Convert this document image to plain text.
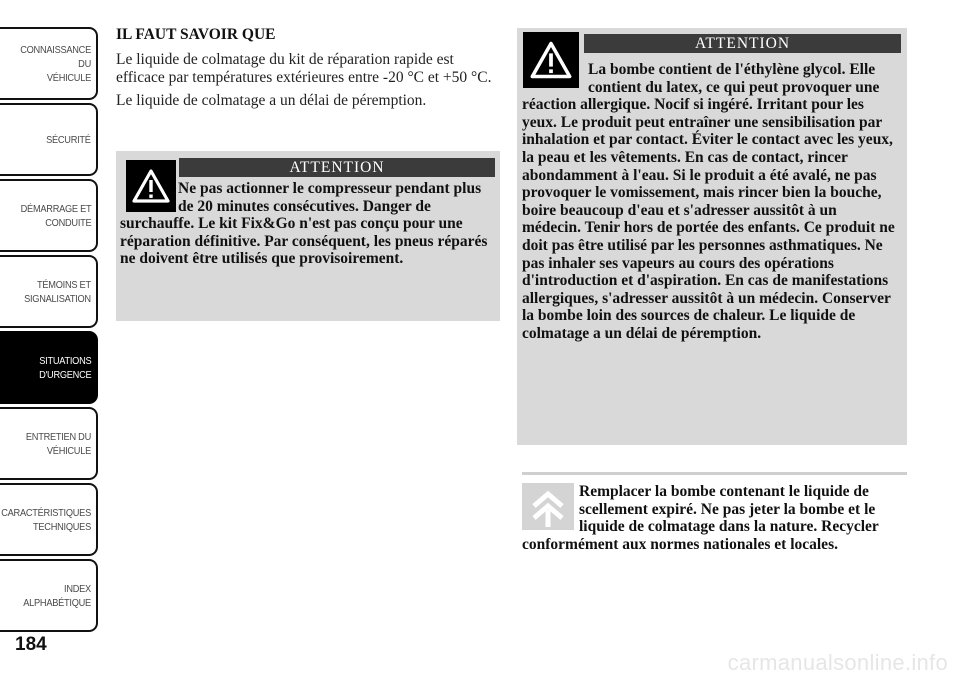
CONNAISSANCE DU
VÉHICULE
SÉCURITÉ
DÉMARRAGE ET
CONDUITE
TÉMOINS ET
SIGNALISATION
SITUATIONS
D'URGENCE
ENTRETIEN DU
VÉHICULE
CARACTÉRISTIQUES
TECHNIQUES
INDEX
ALPHABÉTIQUE
184
IL FAUT SAVOIR QUE

Le liquide de colmatage du kit de réparation rapide est efficace par températures extérieures entre -20 °C et +50 °C.

Le liquide de colmatage a un délai de péremption.

ATTENTION

Ne pas actionner le compresseur pendant plus de 20 minutes consécutives. Danger de surchauffe. Le kit Fix&Go n'est pas conçu pour une réparation définitive. Par conséquent, les pneus réparés ne doivent être utilisés que provisoirement.

ATTENTION

La bombe contient de l'éthylène glycol. Elle contient du latex, ce qui peut provoquer une réaction allergique. Nocif si ingéré. Irritant pour les yeux. Le produit peut entraîner une sensibilisation par inhalation et par contact. Éviter le contact avec les yeux, la peau et les vêtements. En cas de contact, rincer abondamment à l'eau. Si le produit a été avalé, ne pas provoquer le vomissement, mais rincer bien la bouche, boire beaucoup d'eau et s'adresser aussitôt à un médecin. Tenir hors de portée des enfants. Ce produit ne doit pas être utilisé par les personnes asthmatiques. Ne pas inhaler ses vapeurs au cours des opérations d'introduction et d'aspiration. En cas de manifestations allergiques, s'adresser aussitôt à un médecin. Conserver la bombe loin des sources de chaleur. Le liquide de colmatage a un délai de péremption.

Remplacer la bombe contenant le liquide de scellement expiré. Ne pas jeter la bombe et le liquide de colmatage dans la nature. Recycler conformément aux normes nationales et locales.

carmanualsonline.info
